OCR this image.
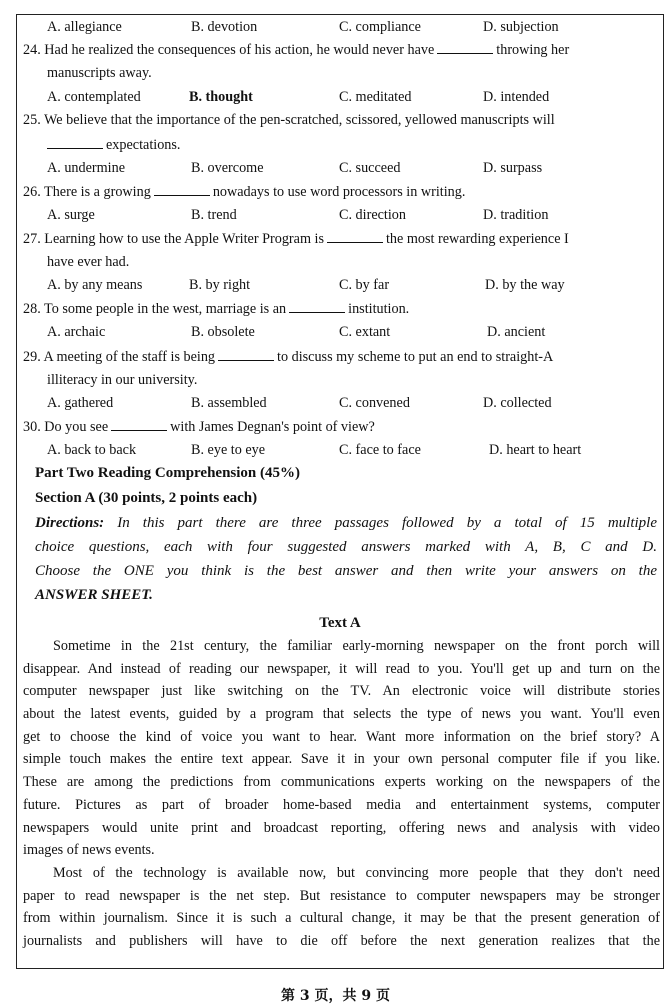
A. allegiance	B. devotion	C. compliance	D. subjection
24. Had he realized the consequences of his action, he would never have	throwing her
manuscripts away.
A. contemplated	B. thought	C. meditated	D. intended
25. We believe that the importance of the pen-scratched, scissored, yellowed manuscripts will
expectations.
A. undermine	B. overcome	C. succeed	D. surpass
26. There is a growing	nowadays to use word processors in writing.
A. surge	B. trend	C. direction	D. tradition
27. Learning how to use the Apple Writer Program is	the most rewarding experience I
have ever had.
A. by any means	B. by right	C. by far	D. by the way
28. To some people in the west, marriage is an	institution.
A. archaic	B. obsolete	C. extant	D. ancient
29. A meeting of the staff is being	to discuss my scheme to put an end to straight-A
illiteracy in our university.
A. gathered	B. assembled	C. convened	D. collected
30. Do you see	with James Degnan's point of view?
A. back to back	B. eye to eye	C. face to face	D. heart to heart
Part Two Reading Comprehension (45%)
Section A (30 points, 2 points each)
Directions: In this part there are three passages followed by a total of 15 multiple
choice questions, each with four suggested answers marked with A, B, C and D.
Choose the ONE you think is the best answer and then write your answers on the
ANSWER SHEET.
Text A
Sometime in the 21st century, the familiar early-morning newspaper on the front porch will
disappear. And instead of reading our newspaper, it will read to you. You'll get up and turn on the
computer newspaper just like switching on the TV. An electronic voice will distribute stories
about the latest events, guided by a program that selects the type of news you want. You'll even
get to choose the kind of voice you want to hear. Want more information on the brief story? A
simple touch makes the entire text appear. Save it in your own personal computer file if you like.
These are among the predictions from communications experts working on the newspapers of the
future. Pictures as part of broader home-based media and entertainment systems, computer
newspapers would unite print and broadcast reporting, offering news and analysis with video
images of news events.
Most of the technology is available now, but convincing more people that they don't need
paper to read newspaper is the net step. But resistance to computer newspapers may be stronger
from within journalism. Since it is such a cultural change, it may be that the present generation of
journalists and publishers will have to die off before the next generation realizes that the
第 3 页，共 9 页
